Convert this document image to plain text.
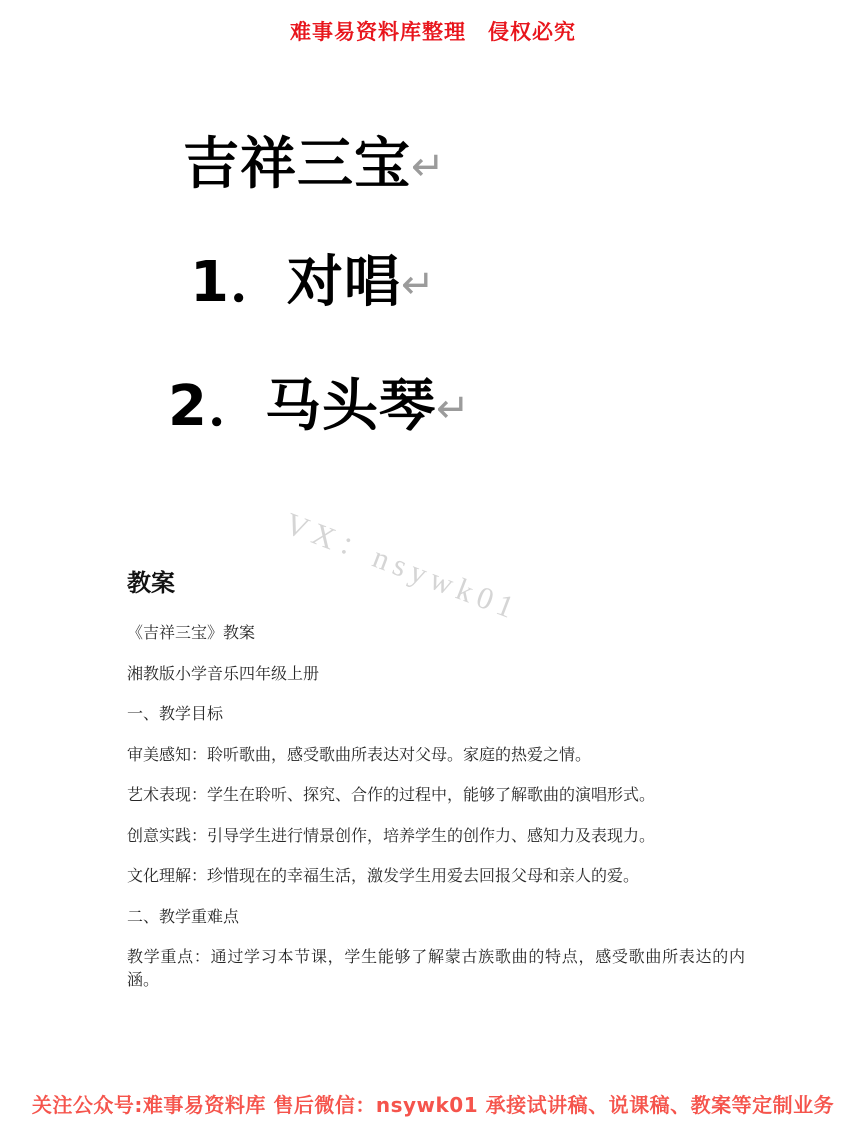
难事易资料库整理　侵权必究
吉祥三宝↵
1．对唱↵
2．马头琴↵
VX：nsywk01
教案

《吉祥三宝》教案

湘教版小学音乐四年级上册

一、教学目标

审美感知：聆听歌曲，感受歌曲所表达对父母。家庭的热爱之情。

艺术表现：学生在聆听、探究、合作的过程中，能够了解歌曲的演唱形式。

创意实践：引导学生进行情景创作，培养学生的创作力、感知力及表现力。

文化理解：珍惜现在的幸福生活，激发学生用爱去回报父母和亲人的爱。

二、教学重难点

教学重点：通过学习本节课，学生能够了解蒙古族歌曲的特点，感受歌曲所表达的内涵。

关注公众号:难事易资料库 售后微信：nsywk01 承接试讲稿、说课稿、教案等定制业务
